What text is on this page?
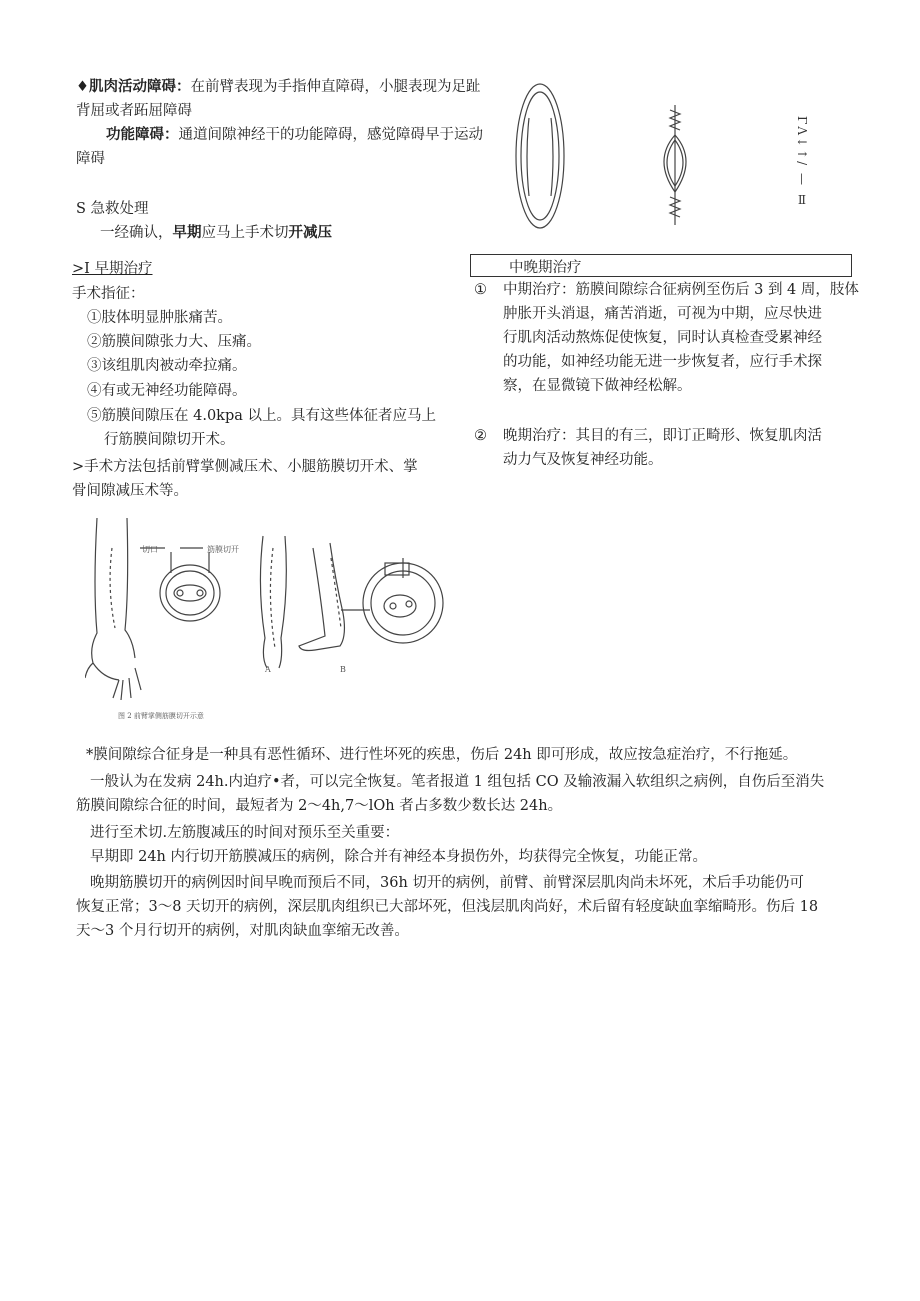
♦肌肉活动障碍：在前臂表现为手指伸直障碍，小腿表现为足趾
背屈或者跖屈障碍
功能障碍：通道间隙神经干的功能障碍，感觉障碍早于运动
障碍	ΓΛ↓↑/ — Ⅱ
S 急救处理
一经确认，早期应马上手术切开减压
>I 早期治疗
手术指征：
①肢体明显肿胀痛苦。
②筋膜间隙张力大、压痛。
③该组肌肉被动牵拉痛。
④有或无神经功能障碍。
⑤筋膜间隙压在 4.0kpa 以上。具有这些体征者应马上
行筋膜间隙切开术。
>手术方法包括前臂掌侧减压术、小腿筋膜切开术、掌
骨间隙减压术等。
中晚期治疗
① 中期治疗：筋膜间隙综合征病例至伤后 3 到 4 周，肢体
肿胀开头消退，痛苦消逝，可视为中期，应尽快进
行肌肉活动熬炼促使恢复，同时认真检查受累神经
的功能，如神经功能无进一步恢复者，应行手术探
察，在显微镜下做神经松解。
② 晚期治疗：其目的有三，即订正畸形、恢复肌肉活
动力气及恢复神经功能。
切口	筋膜切开
A	B
图 2 前臂掌侧筋膜切开示意
*膜间隙综合征身是一种具有恶性循环、进行性坏死的疾患，伤后 24h 即可形成，故应按急症治疗，不行拖延。
一般认为在发病 24h.内迫疗•者，可以完全恢复。笔者报道 1 组包括 CO 及输液漏入软组织之病例，自伤后至消失
筋膜间隙综合征的时间，最短者为 2～4h,7～lOh 者占多数少数长达 24h。
进行至术切.左筋腹减压的时间对预乐至关重要：
早期即 24h 内行切开筋膜减压的病例，除合并有神经本身损伤外，均获得完全恢复，功能正常。
晚期筋膜切开的病例因时间早晚而预后不同，36h 切开的病例，前臂、前臂深层肌肉尚未坏死，术后手功能仍可
恢复正常；3～8 天切开的病例，深层肌肉组织已大部坏死，但浅层肌肉尚好，术后留有轻度缺血挛缩畸形。伤后 18
天～3 个月行切开的病例，对肌肉缺血挛缩无改善。
